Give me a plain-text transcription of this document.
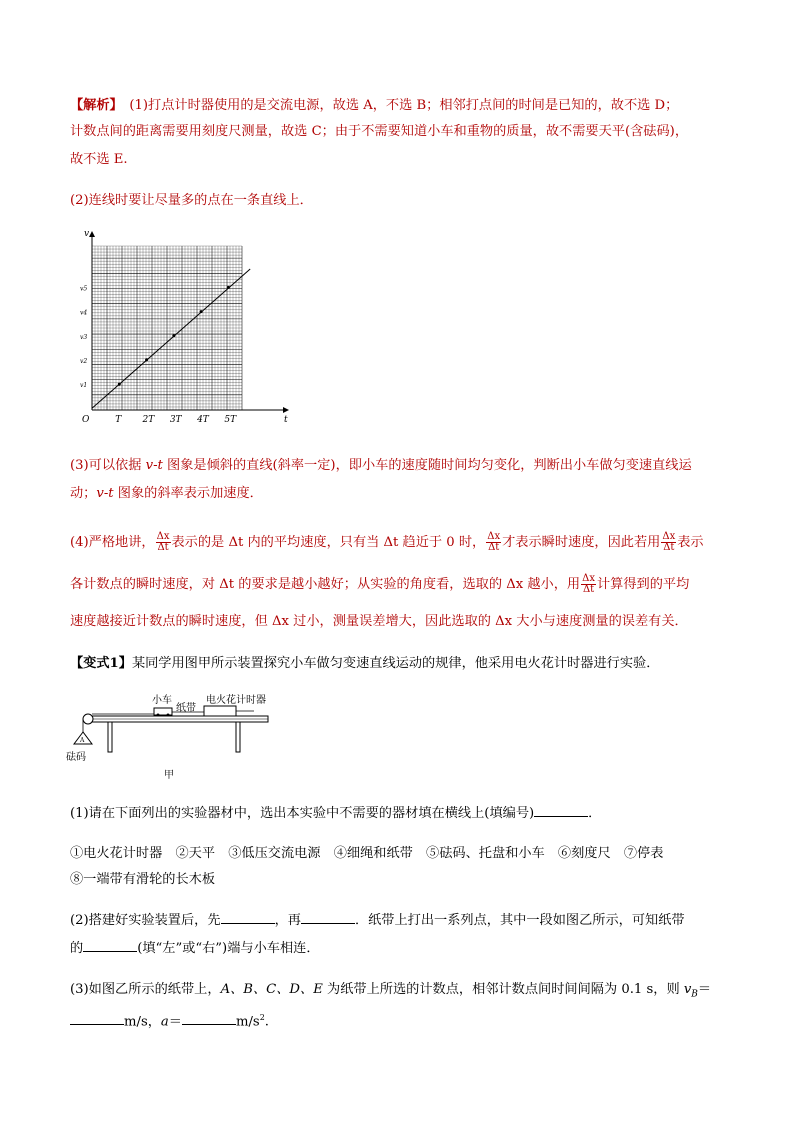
【解析】　(1)打点计时器使用的是交流电源，故选 A，不选 B；相邻打点间的时间是已知的，故不选 D；
计数点间的距离需要用刻度尺测量，故选 C；由于不需要知道小车和重物的质量，故不需要天平(含砝码)，
故不选 E.
(2)连线时要让尽量多的点在一条直线上．
T 2T 3T 4T 5T
v1
v2
v3
v4
v5
O	t
v
(3)可以依据 v-t 图象是倾斜的直线(斜率一定)，即小车的速度随时间均匀变化，判断出小车做匀变速直线运
动；v-t 图象的斜率表示加速度．
(4)严格地讲， $\frac{\Delta x}{\Delta t}$ 表示的是 Δt 内的平均速度，只有当 Δt 趋近于 0 时， $\frac{\Delta x}{\Delta t}$ 才表示瞬时速度，因此若用 $\frac{\Delta x}{\Delta t}$ 表示
各计数点的瞬时速度，对 Δt 的要求是越小越好；从实验的角度看，选取的 Δx 越小，用 $\frac{\Delta x}{\Delta t}$ 计算得到的平均
速度越接近计数点的瞬时速度，但 Δx 过小，测量误差增大，因此选取的 Δx 大小与速度测量的误差有关．
【变式1】某同学用图甲所示装置探究小车做匀变速直线运动的规律，他采用电火花计时器进行实验．
A
小车
纸带
电火花计时器
砝码
甲
(1)请在下面列出的实验器材中，选出本实验中不需要的器材填在横线上(填编号)	．
①电火花计时器　②天平　③低压交流电源　④细绳和纸带　⑤砝码、托盘和小车　⑥刻度尺　⑦停表
⑧一端带有滑轮的长木板
(2)搭建好实验装置后，先	，再	．纸带上打出一系列点，其中一段如图乙所示，可知纸带
的	(填“左”或“右”)端与小车相连．
(3)如图乙所示的纸带上，A、B、C、D、E 为纸带上所选的计数点，相邻计数点间时间间隔为 0.1 s，则 $v_B=$
m/s，a＝	$m/s^2$.
